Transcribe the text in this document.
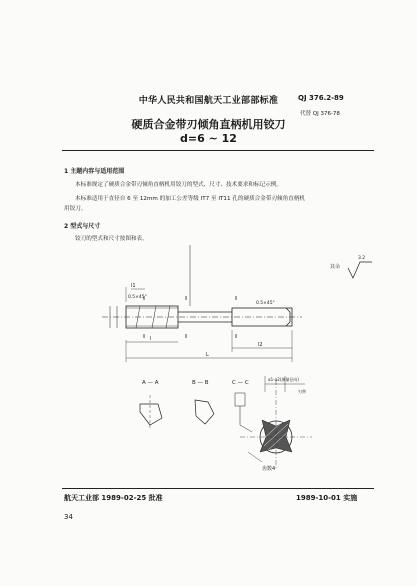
中华人民共和国航天工业部部标准	QJ 376.2-89
代替 QJ 376-78
硬质合金带刃倾角直柄机用铰刀
d=6 ~ 12
1 主题内容与适用范围
本标准规定了硬质合金带刃倾角直柄机用铰刀的型式、尺寸、技术要求和标记示例。
本标准适用于直径自 6 至 12mm 的加工公差等级 IT7 至 IT11 孔的硬质合金带刃倾角直柄机
用铰刀。
2 型式与尺寸
铰刀的型式和尺寸按图和表。
其余
3.2
0.5×45°
0.5×45°
l1
l
l2
L
A — A	B — B	C — C
齿数4
α1-α2(测量径向)
刃带
航天工业部 1989-02-25 批准	1989-10-01 实施
34
